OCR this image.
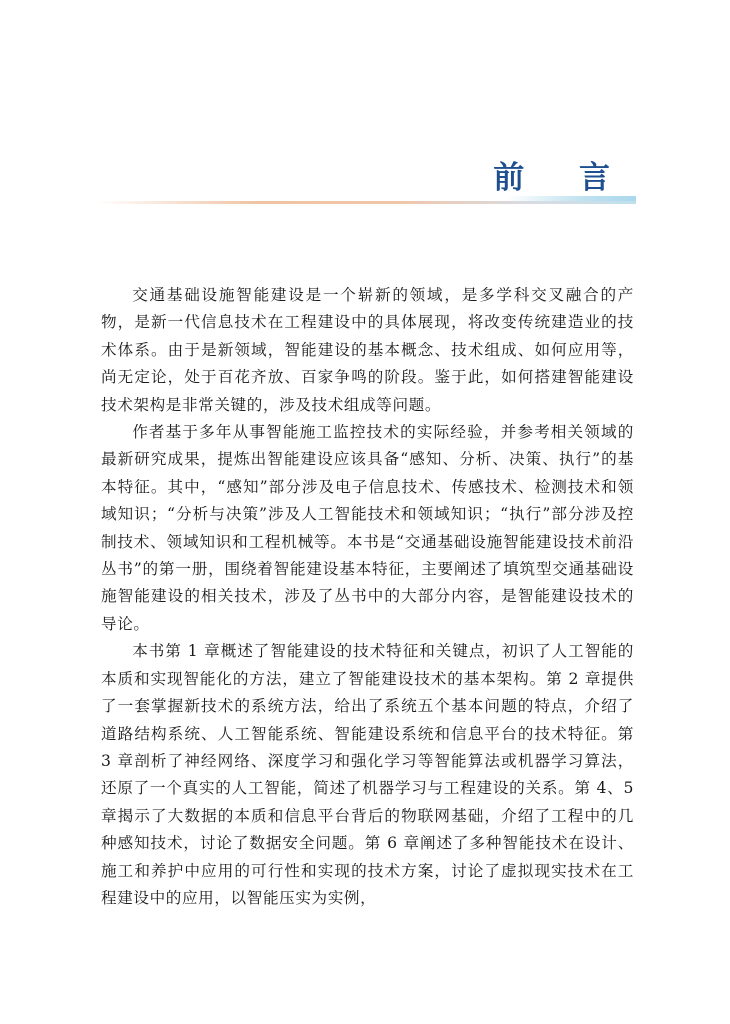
前 言

交通基础设施智能建设是一个崭新的领域，是多学科交叉融合的产物，是新一代信息技术在工程建设中的具体展现，将改变传统建造业的技术体系。由于是新领域，智能建设的基本概念、技术组成、如何应用等，尚无定论，处于百花齐放、百家争鸣的阶段。鉴于此，如何搭建智能建设技术架构是非常关键的，涉及技术组成等问题。

作者基于多年从事智能施工监控技术的实际经验，并参考相关领域的最新研究成果，提炼出智能建设应该具备“感知、分析、决策、执行”的基本特征。其中，“感知”部分涉及电子信息技术、传感技术、检测技术和领域知识；“分析与决策”涉及人工智能技术和领域知识；“执行”部分涉及控制技术、领域知识和工程机械等。本书是“交通基础设施智能建设技术前沿丛书”的第一册，围绕着智能建设基本特征，主要阐述了填筑型交通基础设施智能建设的相关技术，涉及了丛书中的大部分内容，是智能建设技术的导论。

本书第 1 章概述了智能建设的技术特征和关键点，初识了人工智能的本质和实现智能化的方法，建立了智能建设技术的基本架构。第 2 章提供了一套掌握新技术的系统方法，给出了系统五个基本问题的特点，介绍了道路结构系统、人工智能系统、智能建设系统和信息平台的技术特征。第 3 章剖析了神经网络、深度学习和强化学习等智能算法或机器学习算法，还原了一个真实的人工智能，简述了机器学习与工程建设的关系。第 4、5 章揭示了大数据的本质和信息平台背后的物联网基础，介绍了工程中的几种感知技术，讨论了数据安全问题。第 6 章阐述了多种智能技术在设计、施工和养护中应用的可行性和实现的技术方案，讨论了虚拟现实技术在工程建设中的应用，以智能压实为实例，
